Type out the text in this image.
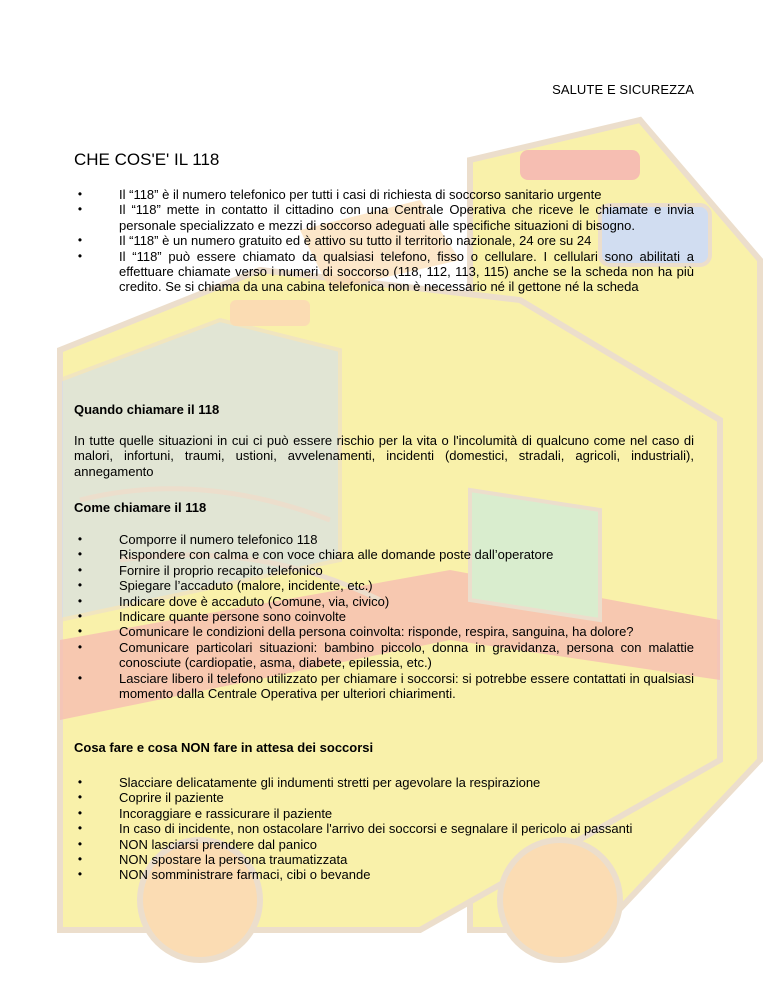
SALUTE E SICUREZZA
CHE COS'E' IL 118
• Il “118” è il numero telefonico per tutti i casi di richiesta di soccorso sanitario urgente
• Il “118” mette in contatto il cittadino con una Centrale Operativa che riceve le chiamate e invia personale specializzato e mezzi di soccorso adeguati alle specifiche situazioni di bisogno.
• Il “118” è un numero gratuito ed è attivo su tutto il territorio nazionale, 24 ore su 24
• Il “118” può essere chiamato da qualsiasi telefono, fisso o cellulare. I cellulari sono abilitati a effettuare chiamate verso i numeri di soccorso (118, 112, 113, 115) anche se la scheda non ha più credito. Se si chiama da una cabina telefonica non è necessario né il gettone né la scheda
Quando chiamare il 118

In tutte quelle situazioni in cui ci può essere rischio per la vita o l'incolumità di qualcuno come nel caso di malori, infortuni, traumi, ustioni, avvelenamenti, incidenti (domestici, stradali, agricoli, industriali), annegamento

Come chiamare il 118
• Comporre il numero telefonico 118
• Rispondere con calma e con voce chiara alle domande poste dall’operatore
• Fornire il proprio recapito telefonico
• Spiegare l’accaduto (malore, incidente, etc.)
• Indicare dove è accaduto (Comune, via, civico)
• Indicare quante persone sono coinvolte
• Comunicare le condizioni della persona coinvolta: risponde, respira, sanguina, ha dolore?
• Comunicare particolari situazioni: bambino piccolo, donna in gravidanza, persona con malattie conosciute (cardiopatie, asma, diabete, epilessia, etc.)
• Lasciare libero il telefono utilizzato per chiamare i soccorsi: si potrebbe essere contattati in qualsiasi momento dalla Centrale Operativa per ulteriori chiarimenti.
Cosa fare e cosa NON fare in attesa dei soccorsi
• Slacciare delicatamente gli indumenti stretti per agevolare la respirazione
• Coprire il paziente
• Incoraggiare e rassicurare il paziente
• In caso di incidente, non ostacolare l'arrivo dei soccorsi e segnalare il pericolo ai passanti
• NON lasciarsi prendere dal panico
• NON spostare la persona traumatizzata
• NON somministrare farmaci, cibi o bevande
